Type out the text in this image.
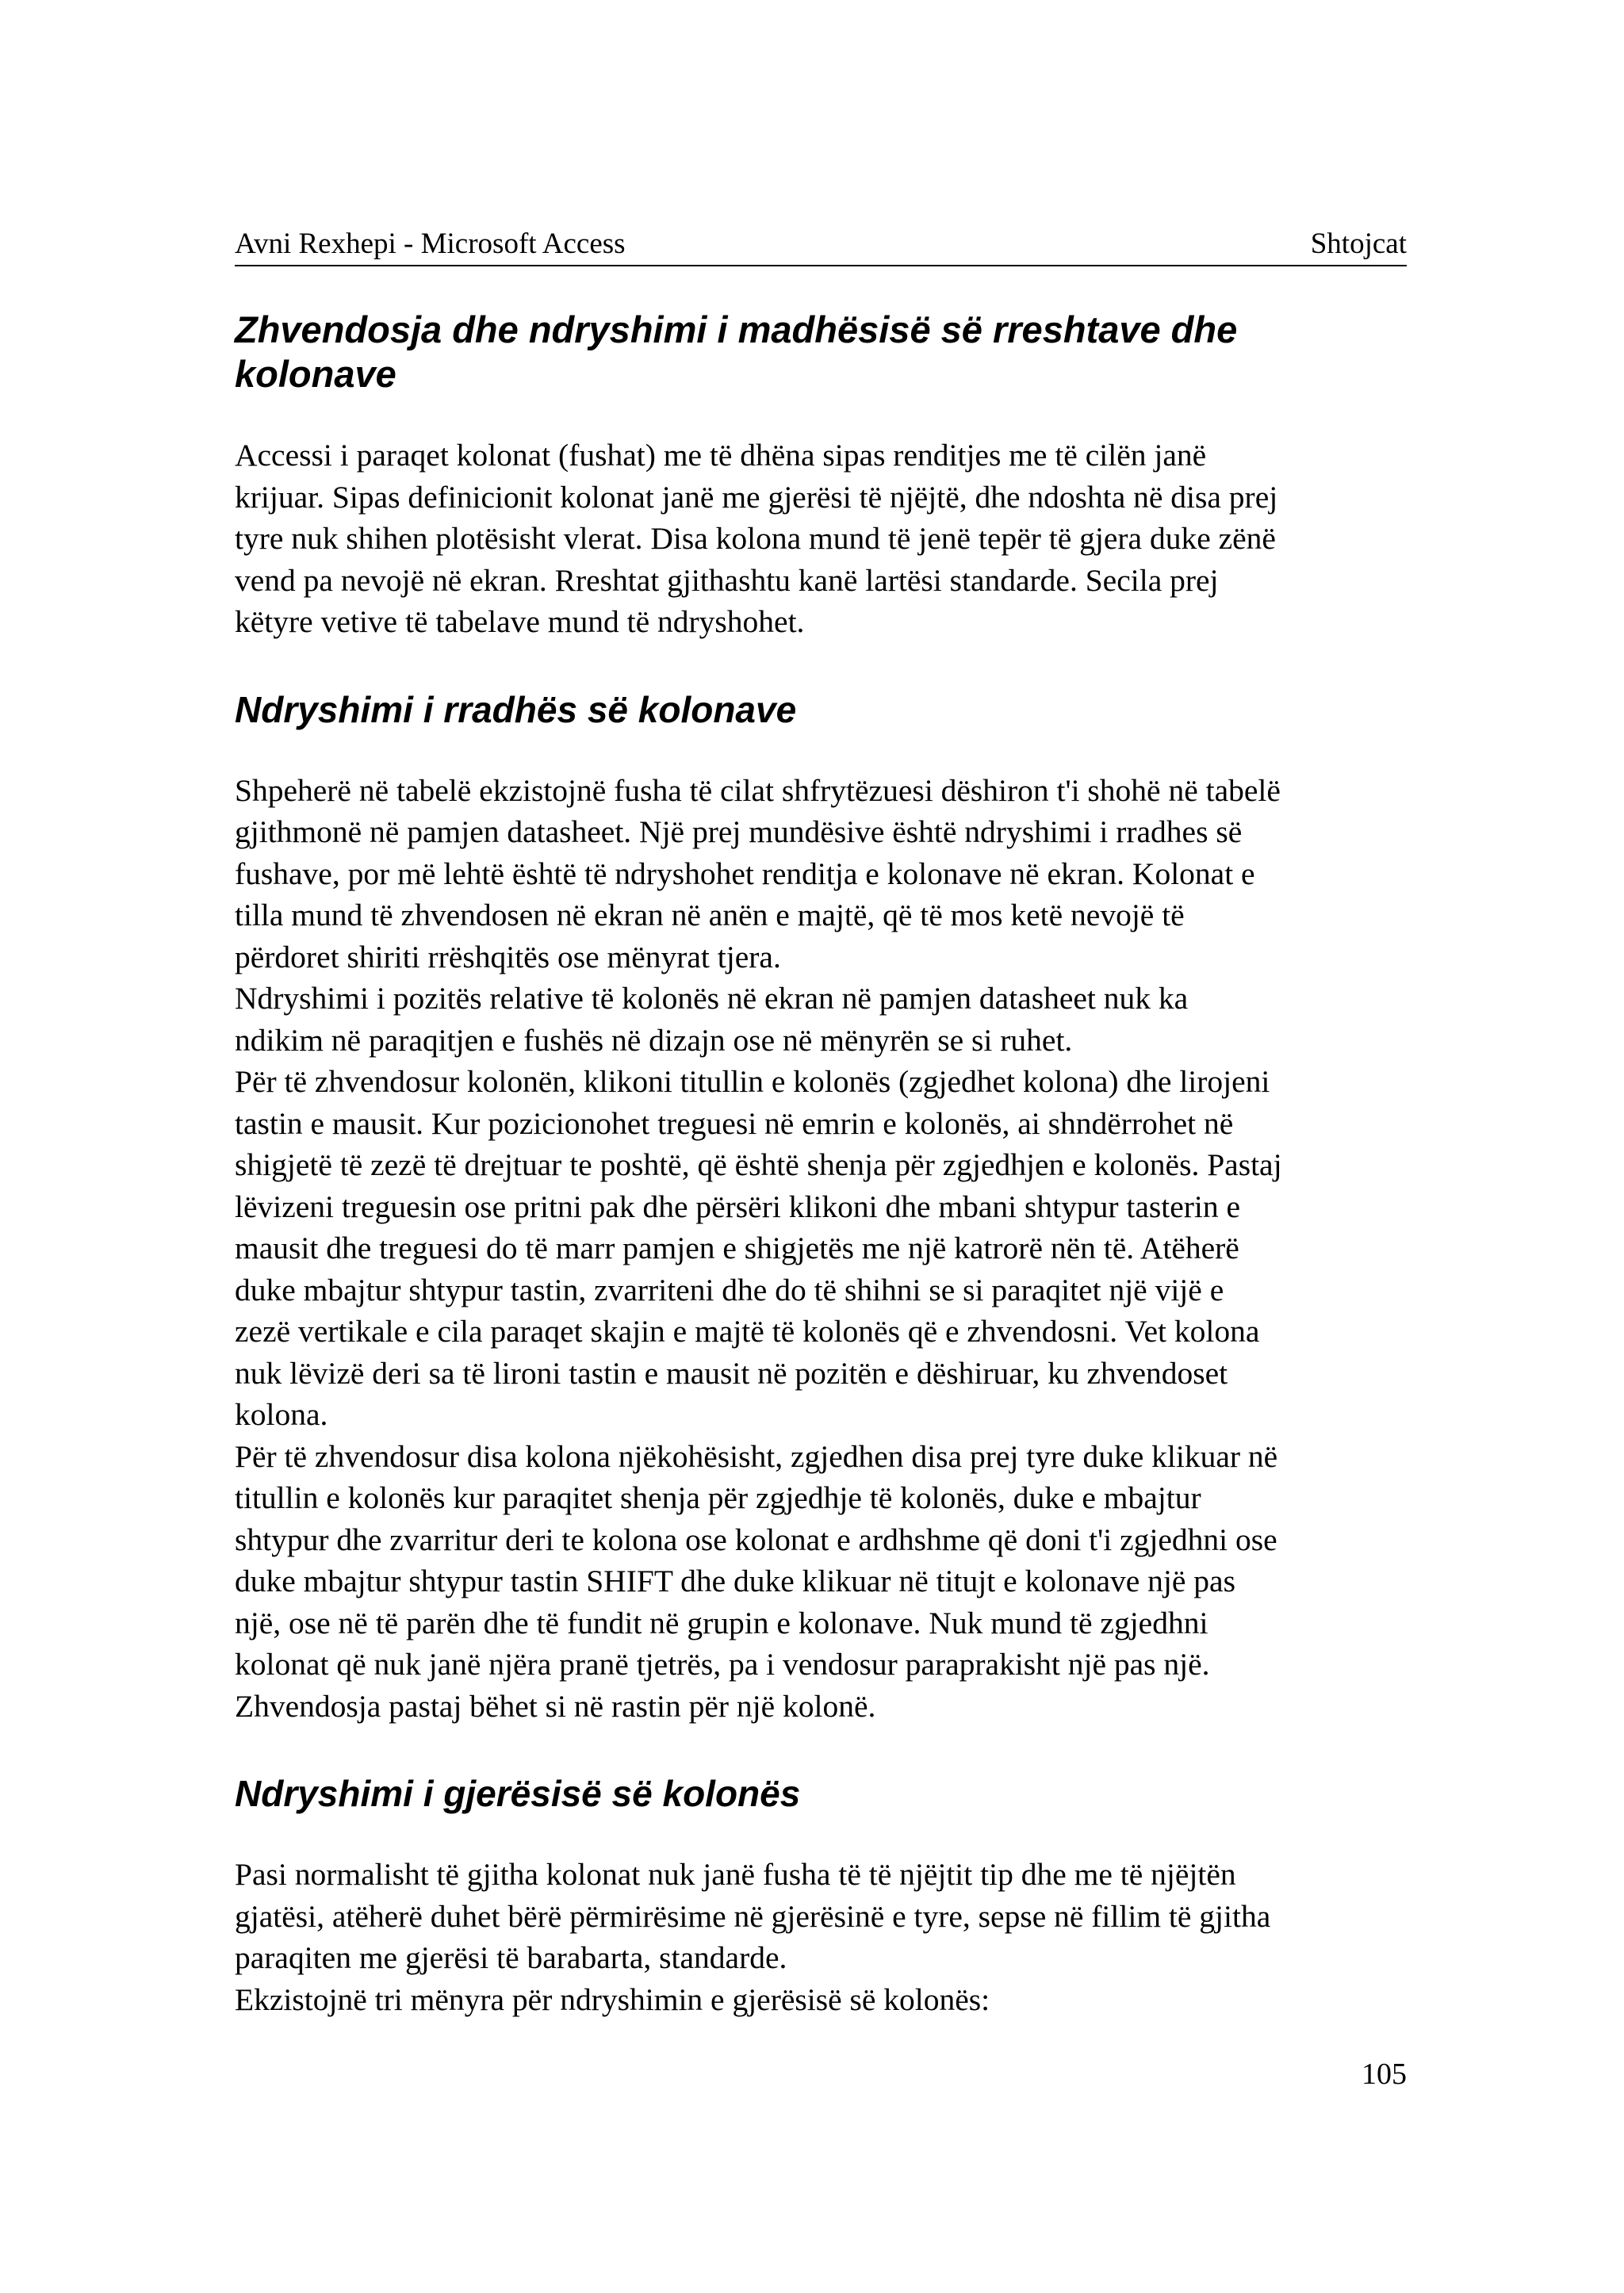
Avni Rexhepi - Microsoft Access	Shtojcat
Zhvendosja dhe ndryshimi i madhësisë së rreshtave dhe kolonave

Accessi i paraqet kolonat (fushat) me të dhëna sipas renditjes me të cilën janë
krijuar. Sipas definicionit kolonat janë me gjerësi të njëjtë, dhe ndoshta në disa prej
tyre nuk shihen plotësisht vlerat. Disa kolona mund të jenë tepër të gjera duke zënë
vend pa nevojë në ekran. Rreshtat gjithashtu kanë lartësi standarde. Secila prej
këtyre vetive të tabelave mund të ndryshohet.

Ndryshimi i rradhës së kolonave

Shpeherë në tabelë ekzistojnë fusha të cilat shfrytëzuesi dëshiron t'i shohë në tabelë
gjithmonë në pamjen datasheet. Një prej mundësive është ndryshimi i rradhes së
fushave, por më lehtë është të ndryshohet renditja e kolonave në ekran. Kolonat e
tilla mund të zhvendosen në ekran në anën e majtë, që të mos ketë nevojë të
përdoret shiriti rrëshqitës ose mënyrat tjera.
Ndryshimi i pozitës relative të kolonës në ekran në pamjen datasheet nuk ka
ndikim në paraqitjen e fushës në dizajn ose në mënyrën se si ruhet.
Për të zhvendosur kolonën, klikoni titullin e kolonës (zgjedhet kolona) dhe lirojeni
tastin e mausit. Kur pozicionohet treguesi në emrin e kolonës, ai shndërrohet në
shigjetë të zezë të drejtuar te poshtë, që është shenja për zgjedhjen e kolonës. Pastaj
lëvizeni treguesin ose pritni pak dhe përsëri klikoni dhe mbani shtypur tasterin e
mausit dhe treguesi do të marr pamjen e shigjetës me një katrorë nën të. Atëherë
duke mbajtur shtypur tastin, zvarriteni dhe do të shihni se si paraqitet një vijë e
zezë vertikale e cila paraqet skajin e majtë të kolonës që e zhvendosni. Vet kolona
nuk lëvizë deri sa të lironi tastin e mausit në pozitën e dëshiruar, ku zhvendoset
kolona.
Për të zhvendosur disa kolona njëkohësisht, zgjedhen disa prej tyre duke klikuar në
titullin e kolonës kur paraqitet shenja për zgjedhje të kolonës, duke e mbajtur
shtypur dhe zvarritur deri te kolona ose kolonat e ardhshme që doni t'i zgjedhni ose
duke mbajtur shtypur tastin SHIFT dhe duke klikuar në titujt e kolonave një pas
një, ose në të parën dhe të fundit në grupin e kolonave. Nuk mund të zgjedhni
kolonat që nuk janë njëra pranë tjetrës, pa i vendosur paraprakisht një pas një.
Zhvendosja pastaj bëhet si në rastin për një kolonë.

Ndryshimi i gjerësisë së kolonës

Pasi normalisht të gjitha kolonat nuk janë fusha të të njëjtit tip dhe me të njëjtën
gjatësi, atëherë duhet bërë përmirësime në gjerësinë e tyre, sepse në fillim të gjitha
paraqiten me gjerësi të barabarta, standarde.
Ekzistojnë tri mënyra për ndryshimin e gjerësisë së kolonës:

105
